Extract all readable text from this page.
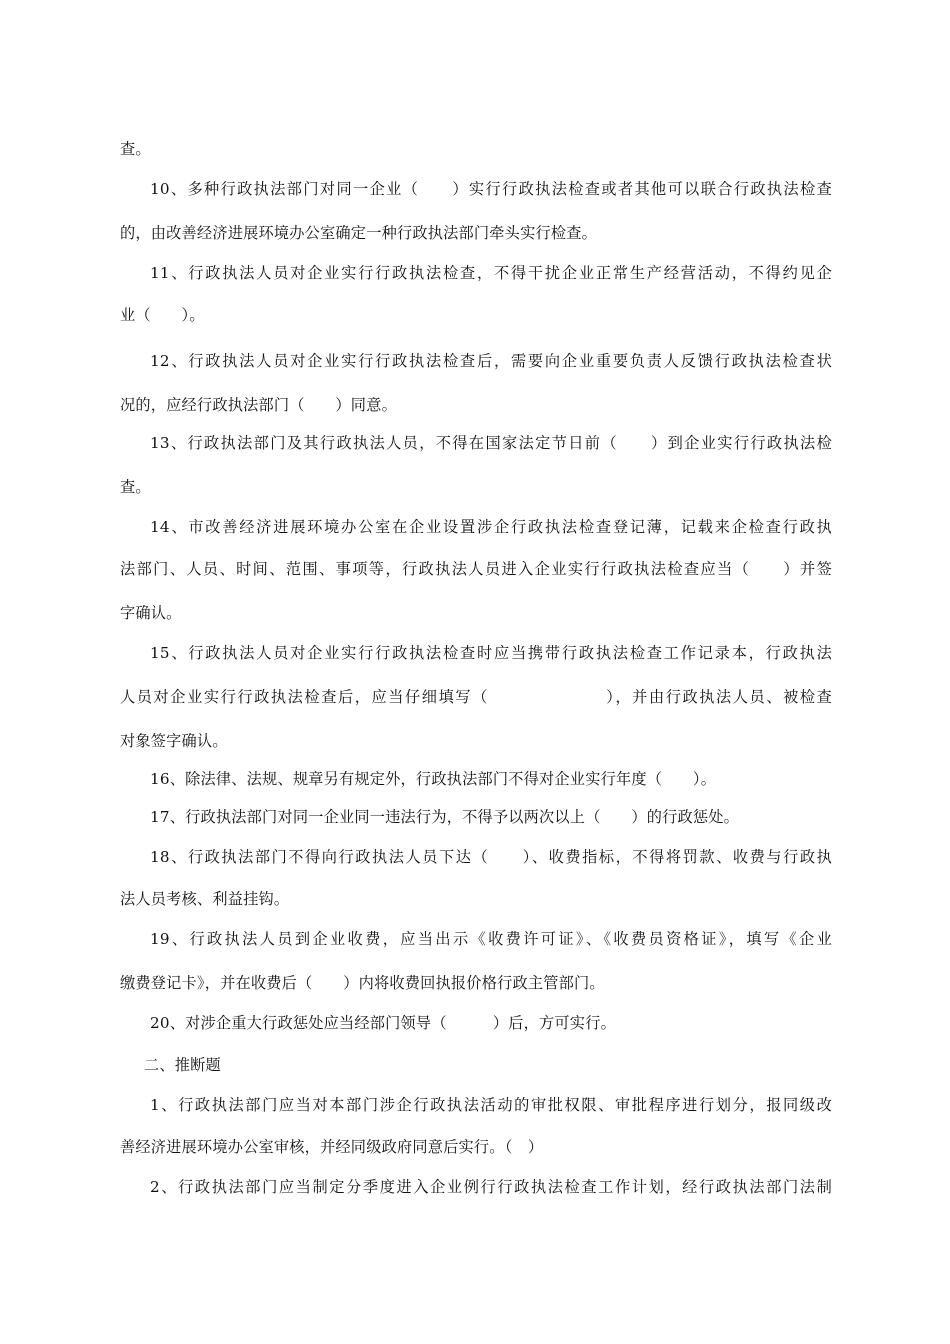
查。
10、多种行政执法部门对同一企业（　　）实行行政执法检查或者其他可以联合行政执法检查
的，由改善经济进展环境办公室确定一种行政执法部门牵头实行检查。
11、行政执法人员对企业实行行政执法检查，不得干扰企业正常生产经营活动，不得约见企
业（　　）。
12、行政执法人员对企业实行行政执法检查后，需要向企业重要负责人反馈行政执法检查状
况的，应经行政执法部门（　　）同意。
13、行政执法部门及其行政执法人员，不得在国家法定节日前（　　）到企业实行行政执法检
查。
14、市改善经济进展环境办公室在企业设置涉企行政执法检查登记薄，记载来企检查行政执
法部门、人员、时间、范围、事项等，行政执法人员进入企业实行行政执法检查应当（　　）并签
字确认。
15、行政执法人员对企业实行行政执法检查时应当携带行政执法检查工作记录本，行政执法
人员对企业实行行政执法检查后，应当仔细填写（　　　　　　　），并由行政执法人员、被检查
对象签字确认。
16、除法律、法规、规章另有规定外，行政执法部门不得对企业实行年度（　　）。
17、行政执法部门对同一企业同一违法行为，不得予以两次以上（　　）的行政惩处。
18、行政执法部门不得向行政执法人员下达（　　）、收费指标，不得将罚款、收费与行政执
法人员考核、利益挂钩。
19、行政执法人员到企业收费，应当出示《收费许可证》、《收费员资格证》，填写《企业
缴费登记卡》，并在收费后（　　）内将收费回执报价格行政主管部门。
20、对涉企重大行政惩处应当经部门领导（　　　）后，方可实行。
二、推断题
1、行政执法部门应当对本部门涉企行政执法活动的审批权限、审批程序进行划分，报同级改
善经济进展环境办公室审核，并经同级政府同意后实行。（　）
2、行政执法部门应当制定分季度进入企业例行行政执法检查工作计划，经行政执法部门法制
